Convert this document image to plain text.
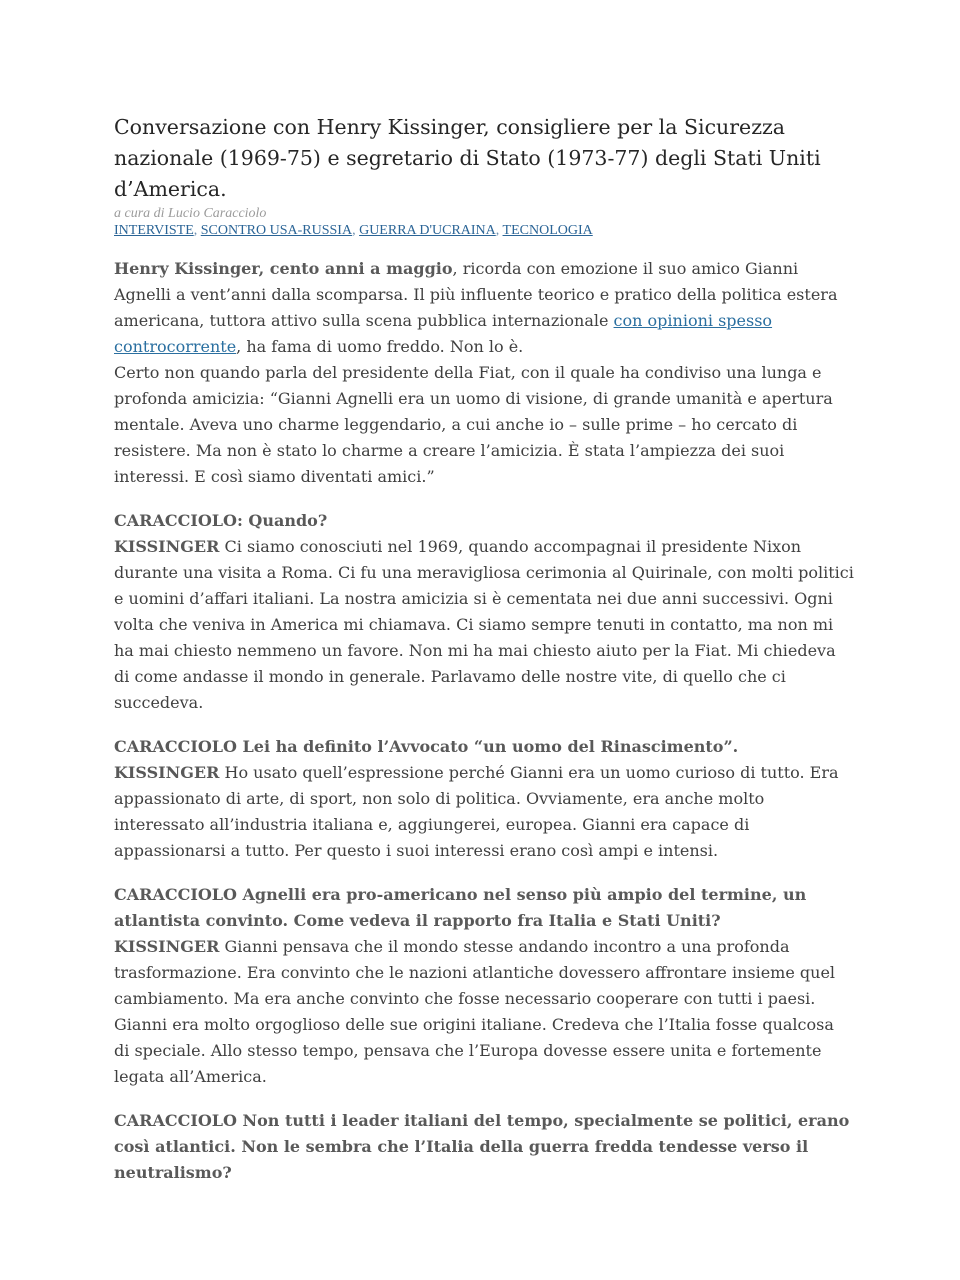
Conversazione con Henry Kissinger, consigliere per la Sicurezza nazionale (1969-75) e segretario di Stato (1973-77) degli Stati Uniti d’America.

a cura di Lucio Caracciolo

INTERVISTE, SCONTRO USA-RUSSIA, GUERRA D'UCRAINA, TECNOLOGIA

Henry Kissinger, cento anni a maggio, ricorda con emozione il suo amico Gianni Agnelli a vent’anni dalla scomparsa. Il più influente teorico e pratico della politica estera americana, tuttora attivo sulla scena pubblica internazionale con opinioni spesso controcorrente, ha fama di uomo freddo. Non lo è.

Certo non quando parla del presidente della Fiat, con il quale ha condiviso una lunga e profonda amicizia: “Gianni Agnelli era un uomo di visione, di grande umanità e apertura mentale. Aveva uno charme leggendario, a cui anche io – sulle prime – ho cercato di resistere. Ma non è stato lo charme a creare l’amicizia. È stata l’ampiezza dei suoi interessi. E così siamo diventati amici.”

CARACCIOLO: Quando?

KISSINGER Ci siamo conosciuti nel 1969, quando accompagnai il presidente Nixon durante una visita a Roma. Ci fu una meravigliosa cerimonia al Quirinale, con molti politici e uomini d’affari italiani. La nostra amicizia si è cementata nei due anni successivi. Ogni volta che veniva in America mi chiamava. Ci siamo sempre tenuti in contatto, ma non mi ha mai chiesto nemmeno un favore. Non mi ha mai chiesto aiuto per la Fiat. Mi chiedeva di come andasse il mondo in generale. Parlavamo delle nostre vite, di quello che ci succedeva.

CARACCIOLO Lei ha definito l’Avvocato “un uomo del Rinascimento”.

KISSINGER Ho usato quell’espressione perché Gianni era un uomo curioso di tutto. Era appassionato di arte, di sport, non solo di politica. Ovviamente, era anche molto interessato all’industria italiana e, aggiungerei, europea. Gianni era capace di appassionarsi a tutto. Per questo i suoi interessi erano così ampi e intensi.

CARACCIOLO Agnelli era pro-americano nel senso più ampio del termine, un atlantista convinto. Come vedeva il rapporto fra Italia e Stati Uniti?

KISSINGER Gianni pensava che il mondo stesse andando incontro a una profonda trasformazione. Era convinto che le nazioni atlantiche dovessero affrontare insieme quel cambiamento. Ma era anche convinto che fosse necessario cooperare con tutti i paesi. Gianni era molto orgoglioso delle sue origini italiane. Credeva che l’Italia fosse qualcosa di speciale. Allo stesso tempo, pensava che l’Europa dovesse essere unita e fortemente legata all’America.

CARACCIOLO Non tutti i leader italiani del tempo, specialmente se politici, erano così atlantici. Non le sembra che l’Italia della guerra fredda tendesse verso il neutralismo?
